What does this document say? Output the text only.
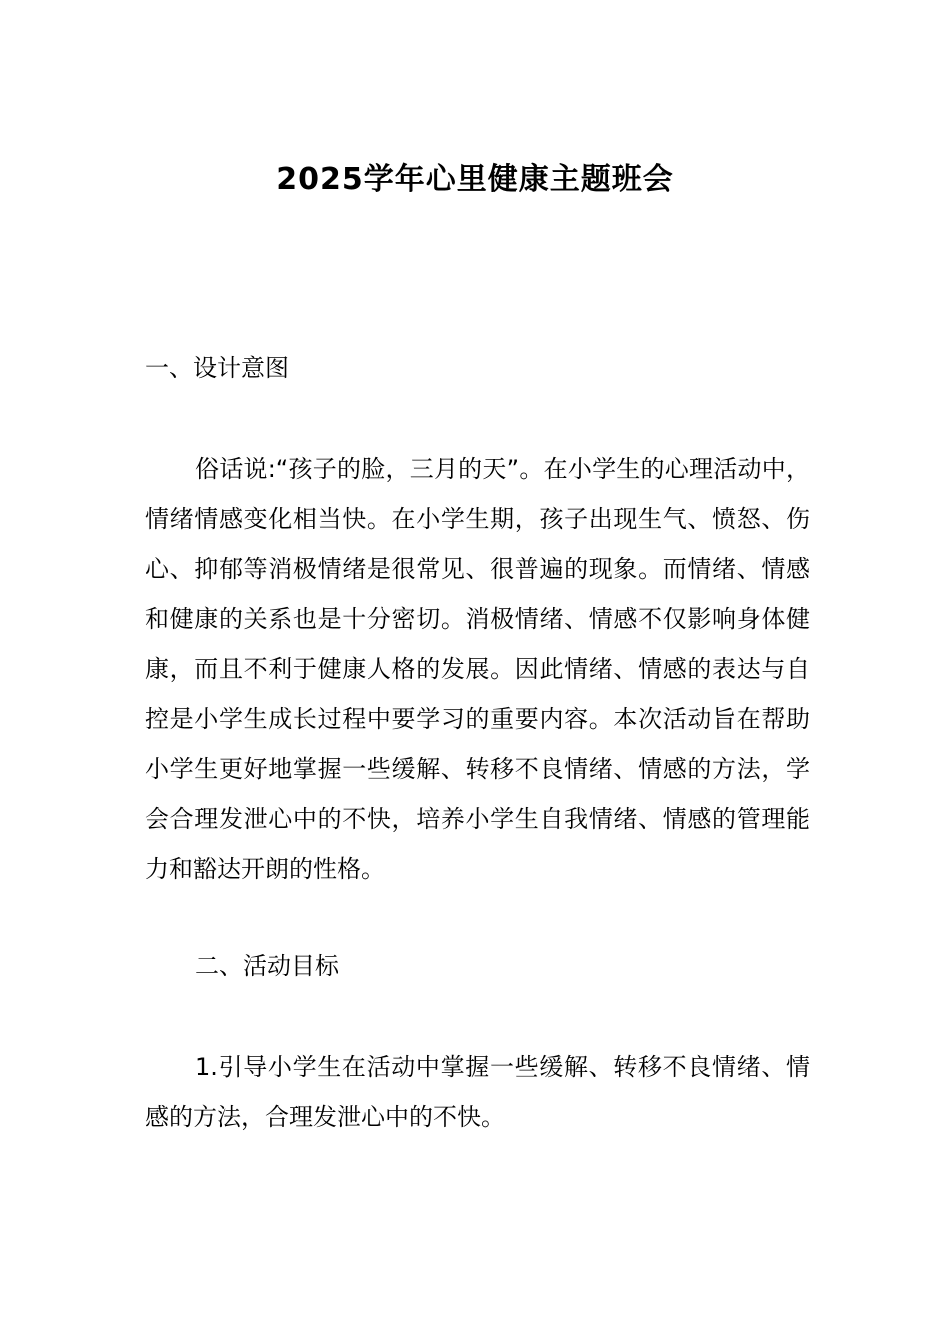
2025学年心里健康主题班会
一、设计意图

俗话说:“孩子的脸，三月的天”。在小学生的心理活动中，情绪情感变化相当快。在小学生期，孩子出现生气、愤怒、伤心、抑郁等消极情绪是很常见、很普遍的现象。而情绪、情感和健康的关系也是十分密切。消极情绪、情感不仅影响身体健康，而且不利于健康人格的发展。因此情绪、情感的表达与自控是小学生成长过程中要学习的重要内容。本次活动旨在帮助小学生更好地掌握一些缓解、转移不良情绪、情感的方法，学会合理发泄心中的不快，培养小学生自我情绪、情感的管理能力和豁达开朗的性格。

二、活动目标

1.引导小学生在活动中掌握一些缓解、转移不良情绪、情感的方法，合理发泄心中的不快。
